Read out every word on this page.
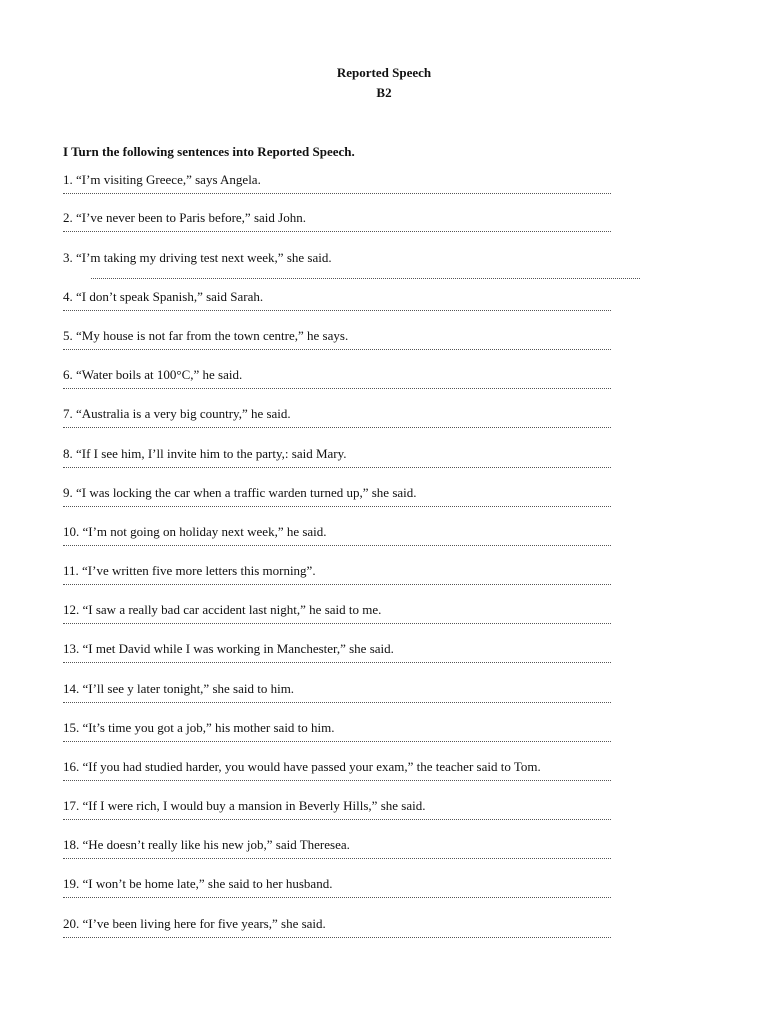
Reported Speech
B2
I Turn the following sentences into Reported Speech.
1. “I’m visiting Greece,” says Angela.
2. “I’ve never been to Paris before,” said John.
3. “I’m taking my driving test next week,” she said.
4. “I don’t speak Spanish,” said Sarah.
5. “My house is not far from the town centre,” he says.
6. “Water boils at 100°C,” he said.
7. “Australia is a very big country,” he said.
8. “If I see him, I’ll invite him to the party,: said Mary.
9. “I was locking the car when a traffic warden turned up,” she said.
10. “I’m not going on holiday next week,” he said.
11. “I’ve written five more letters this morning”.
12. “I saw a really bad car accident last night,” he said to me.
13. “I met David while I was working in Manchester,” she said.
14. “I’ll see y later tonight,” she said to him.
15. “It’s time you got a job,” his mother said to him.
16. “If you had studied harder, you would have passed your exam,” the teacher said to Tom.
17. “If I were rich, I would buy a mansion in Beverly Hills,” she said.
18. “He doesn’t really like his new job,” said Theresea.
19. “I won’t be home late,” she said to her husband.
20. “I’ve been living here for five years,” she said.
